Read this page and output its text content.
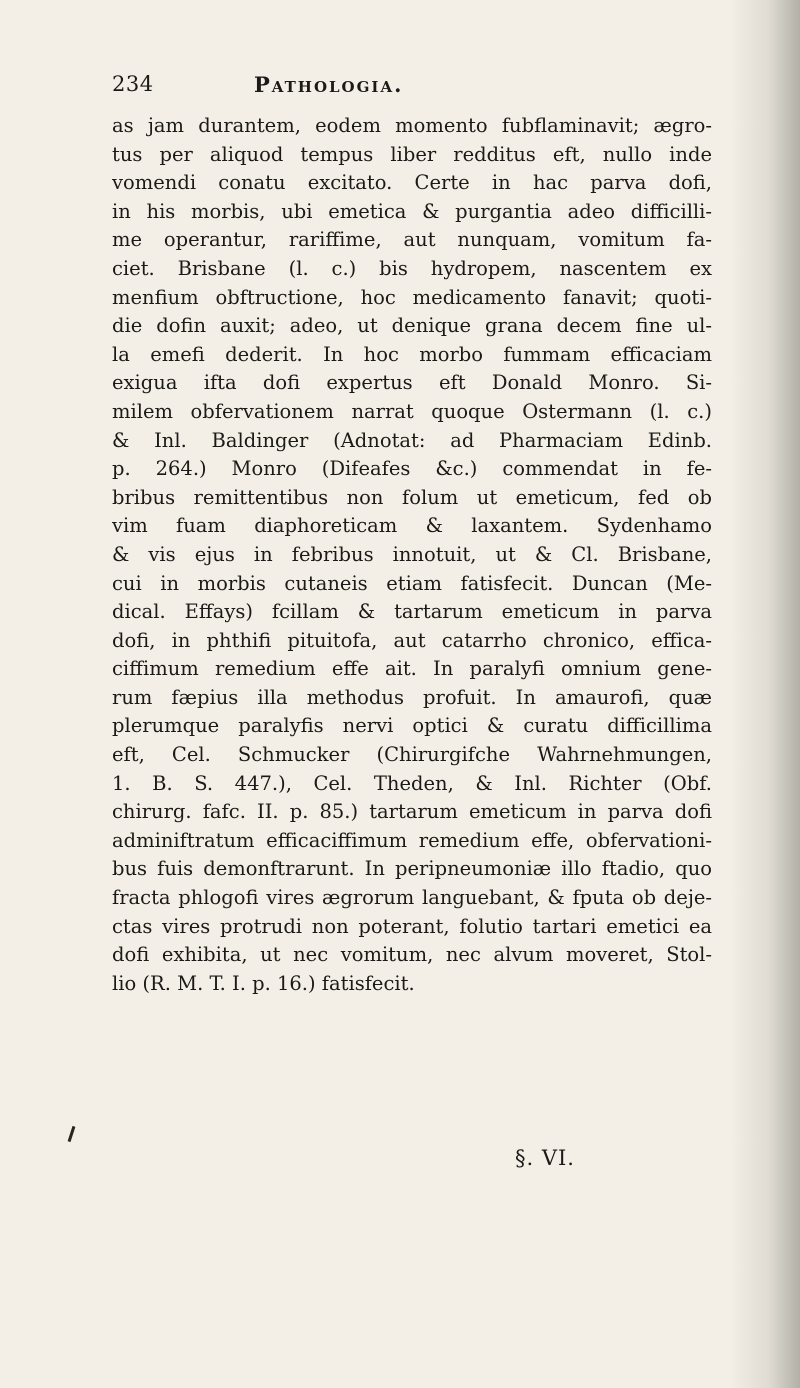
234	Pathologia.
as jam durantem, eodem momento fubflaminavit; ægro-
tus per aliquod tempus liber redditus eft, nullo inde
vomendi conatu excitato. Certe in hac parva dofi,
in his morbis, ubi emetica & purgantia adeo difficilli-
me operantur, rariffime, aut nunquam, vomitum fa-
ciet. Brisbane (l. c.) bis hydropem, nascentem ex
menfium obftructione, hoc medicamento fanavit; quoti-
die dofin auxit; adeo, ut denique grana decem fine ul-
la emefi dederit. In hoc morbo fummam efficaciam
exigua ifta dofi expertus eft Donald Monro. Si-
milem obfervationem narrat quoque Ostermann (l. c.)
& Inl. Baldinger (Adnotat: ad Pharmaciam Edinb.
p. 264.) Monro (Difeafes &c.) commendat in fe-
bribus remittentibus non folum ut emeticum, fed ob
vim fuam diaphoreticam & laxantem. Sydenhamo
& vis ejus in febribus innotuit, ut & Cl. Brisbane,
cui in morbis cutaneis etiam fatisfecit. Duncan (Me-
dical. Effays) fcillam & tartarum emeticum in parva
dofi, in phthifi pituitofa, aut catarrho chronico, effica-
ciffimum remedium effe ait. In paralyfi omnium gene-
rum fæpius illa methodus profuit. In amaurofi, quæ
plerumque paralyfis nervi optici & curatu difficillima
eft, Cel. Schmucker (Chirurgifche Wahrnehmungen,
1. B. S. 447.), Cel. Theden, & Inl. Richter (Obf.
chirurg. fafc. II. p. 85.) tartarum emeticum in parva dofi
adminiftratum efficaciffimum remedium effe, obfervationi-
bus fuis demonftrarunt. In peripneumoniæ illo ftadio, quo
fracta phlogofi vires ægrorum languebant, & fputa ob deje-
ctas vires protrudi non poterant, folutio tartari emetici ea
dofi exhibita, ut nec vomitum, nec alvum moveret, Stol-
lio (R. M. T. I. p. 16.) fatisfecit.
§. VI.
